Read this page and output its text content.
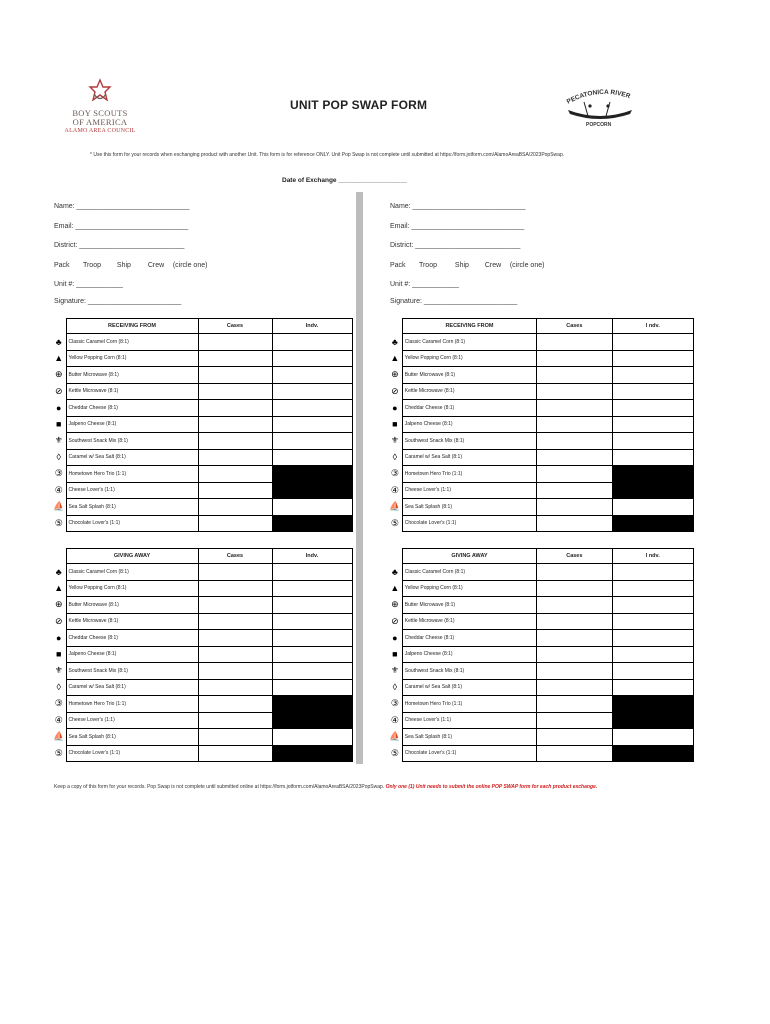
BOY SCOUTS
OF AMERICA
ALAMO AREA COUNCIL
UNIT POP SWAP FORM	PECATONICA RIVER
POPCORN
* Use this form for your records when exchanging product with another Unit. This form is for reference ONLY. Unit Pop Swap is not complete until submitted at https://form.jotform.com/AlamoAreaBSA/2023PopSwap.
Date of Exchange ___________________
Name: _____________________________
Email: _____________________________
District: ___________________________
Pack Troop Ship Crew (circle one)
Unit #: ____________
Signature: ________________________
Name: _____________________________
Email: _____________________________
District: ___________________________
Pack Troop	Ship Crew (circle one)
Unit #: ____________
Signature: ________________________
	RECEIVING FROM	Cases	Indv.
♣	Classic Caramel Corn (8:1)		
▲	Yellow Popping Corn (8:1)		
⊕	Butter Microwave (8:1)		
⊘	Kettle Microwave (8:1)		
●	Cheddar Cheese (8:1)		
■	Jalpeno Cheese (8:1)		
⚜	Southwest Snack Mix (8:1)		
◊	Caramel w/ Sea Salt (8:1)		
③	Hometown Hero Trio (1:1)		
④	Cheese Lover's (1:1)		
⛵	Sea Salt Splash (8:1)		
⑤	Chocolate Lover's (1:1)		
	RECEIVING FROM	Cases	I ndv.
♣	Classic Caramel Corn (8:1)		
▲	Yellow Popping Corn (8:1)		
⊕	Butter Microwave (8:1)		
⊘	Kettle Microwave (8:1)		
●	Cheddar Cheese (8:1)		
■	Jalpeno Cheese (8:1)		
⚜	Southwest Snack Mix (8:1)		
◊	Caramel w/ Sea Salt (8:1)		
③	Hometown Hero Trio (1:1)		
④	Cheese Lover's (1:1)		
⛵	Sea Salt Splash (8:1)		
⑤	Chocolate Lover's (1:1)		
	GIVING AWAY	Cases	Indv.
♣	Classic Caramel Corn (8:1)		
▲	Yellow Popping Corn (8:1)		
⊕	Butter Microwave (8:1)		
⊘	Kettle Microwave (8:1)		
●	Cheddar Cheese (8:1)		
■	Jalpeno Cheese (8:1)		
⚜	Southwest Snack Mix (8:1)		
◊	Caramel w/ Sea Salt (8:1)		
③	Hometown Hero Trio (1:1)		
④	Cheese Lover's (1:1)		
⛵	Sea Salt Splash (8:1)		
⑤	Chocolate Lover's (1:1)		
	GIVING AWAY	Cases	I ndv.
♣	Classic Caramel Corn (8:1)		
▲	Yellow Popping Corn (8:1)		
⊕	Butter Microwave (8:1)		
⊘	Kettle Microwave (8:1)		
●	Cheddar Cheese (8:1)		
■	Jalpeno Cheese (8:1)		
⚜	Southwest Snack Mix (8:1)		
◊	Caramel w/ Sea Salt (8:1)		
③	Hometown Hero Trio (1:1)		
④	Cheese Lover's (1:1)		
⛵	Sea Salt Splash (8:1)		
⑤	Chocolate Lover's (1:1)		
Keep a copy of this form for your records. Pop Swap is not complete until submitted online at https://form.jotform.com/AlamoAreaBSA/2023PopSwap. Only one (1) Unit needs to submit the online POP SWAP form for each product exchange.
